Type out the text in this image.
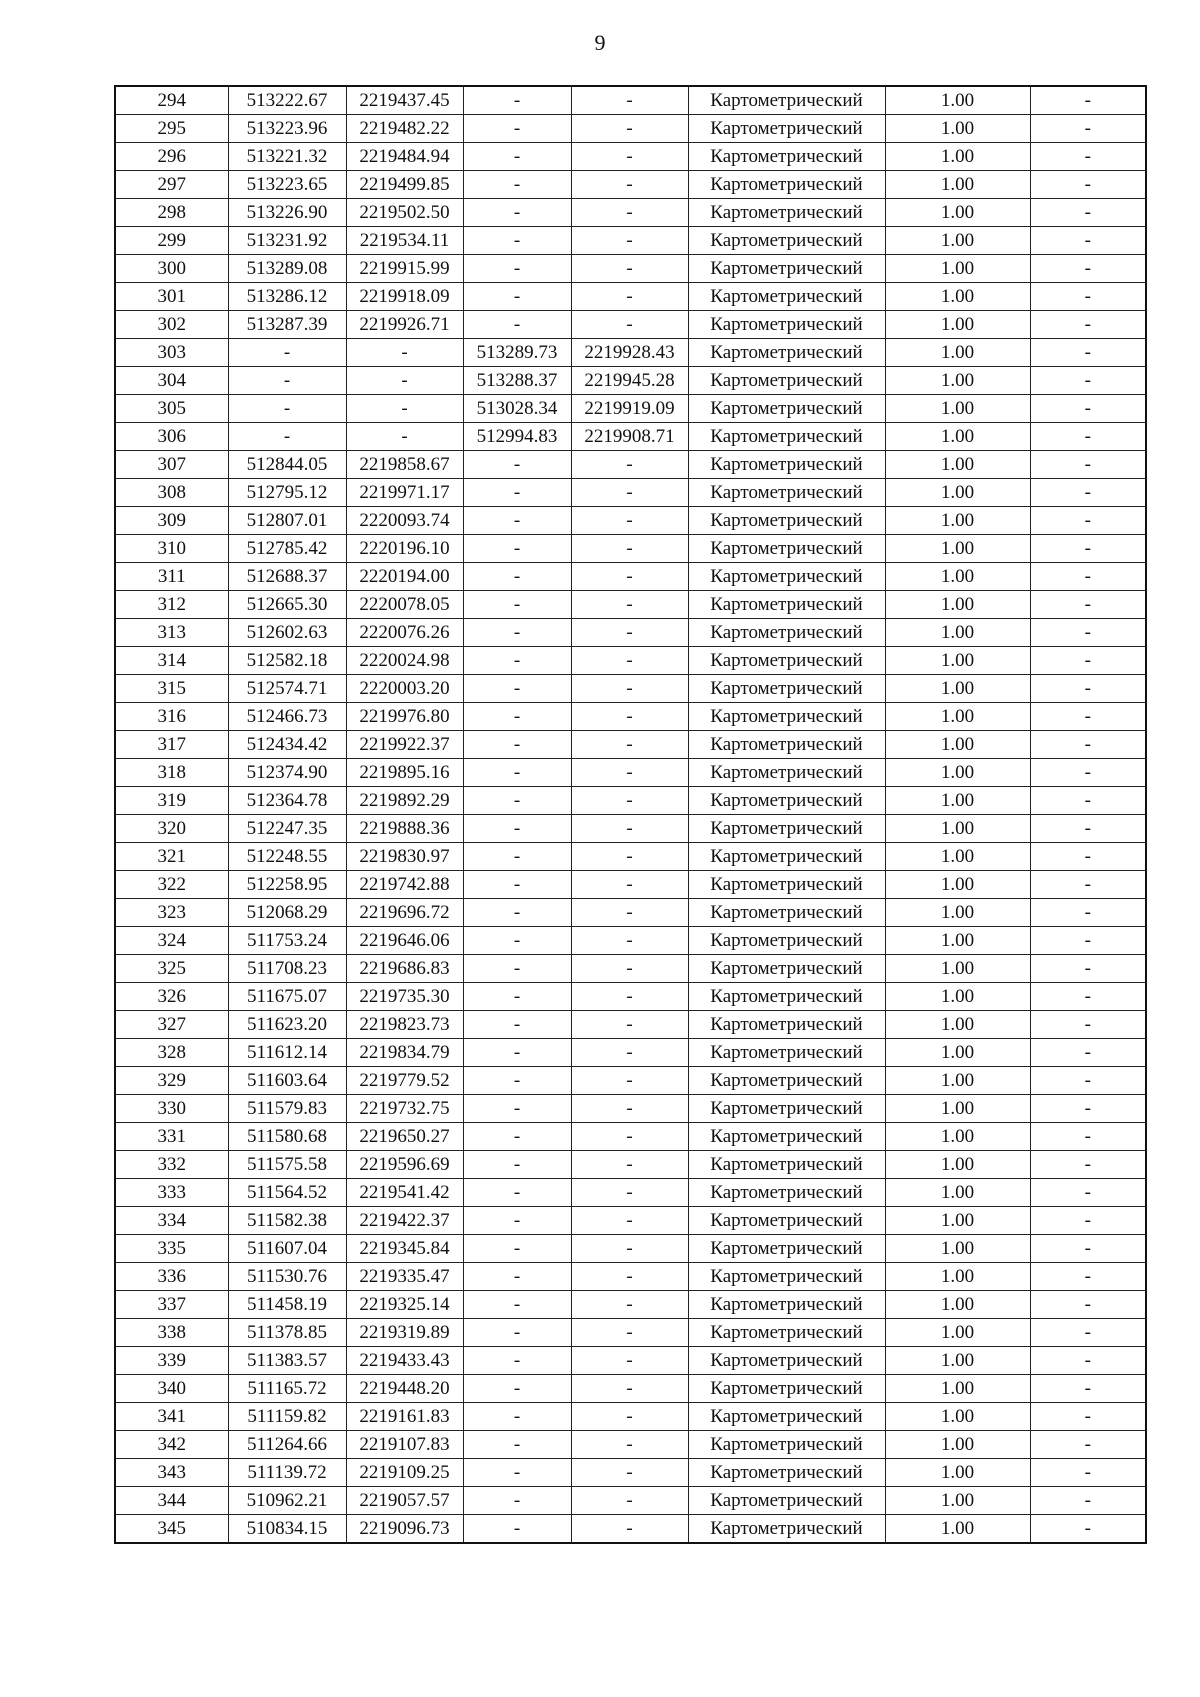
9
294	513222.67	2219437.45	-	-	Картометрический	1.00	-
295	513223.96	2219482.22	-	-	Картометрический	1.00	-
296	513221.32	2219484.94	-	-	Картометрический	1.00	-
297	513223.65	2219499.85	-	-	Картометрический	1.00	-
298	513226.90	2219502.50	-	-	Картометрический	1.00	-
299	513231.92	2219534.11	-	-	Картометрический	1.00	-
300	513289.08	2219915.99	-	-	Картометрический	1.00	-
301	513286.12	2219918.09	-	-	Картометрический	1.00	-
302	513287.39	2219926.71	-	-	Картометрический	1.00	-
303	-	-	513289.73	2219928.43	Картометрический	1.00	-
304	-	-	513288.37	2219945.28	Картометрический	1.00	-
305	-	-	513028.34	2219919.09	Картометрический	1.00	-
306	-	-	512994.83	2219908.71	Картометрический	1.00	-
307	512844.05	2219858.67	-	-	Картометрический	1.00	-
308	512795.12	2219971.17	-	-	Картометрический	1.00	-
309	512807.01	2220093.74	-	-	Картометрический	1.00	-
310	512785.42	2220196.10	-	-	Картометрический	1.00	-
311	512688.37	2220194.00	-	-	Картометрический	1.00	-
312	512665.30	2220078.05	-	-	Картометрический	1.00	-
313	512602.63	2220076.26	-	-	Картометрический	1.00	-
314	512582.18	2220024.98	-	-	Картометрический	1.00	-
315	512574.71	2220003.20	-	-	Картометрический	1.00	-
316	512466.73	2219976.80	-	-	Картометрический	1.00	-
317	512434.42	2219922.37	-	-	Картометрический	1.00	-
318	512374.90	2219895.16	-	-	Картометрический	1.00	-
319	512364.78	2219892.29	-	-	Картометрический	1.00	-
320	512247.35	2219888.36	-	-	Картометрический	1.00	-
321	512248.55	2219830.97	-	-	Картометрический	1.00	-
322	512258.95	2219742.88	-	-	Картометрический	1.00	-
323	512068.29	2219696.72	-	-	Картометрический	1.00	-
324	511753.24	2219646.06	-	-	Картометрический	1.00	-
325	511708.23	2219686.83	-	-	Картометрический	1.00	-
326	511675.07	2219735.30	-	-	Картометрический	1.00	-
327	511623.20	2219823.73	-	-	Картометрический	1.00	-
328	511612.14	2219834.79	-	-	Картометрический	1.00	-
329	511603.64	2219779.52	-	-	Картометрический	1.00	-
330	511579.83	2219732.75	-	-	Картометрический	1.00	-
331	511580.68	2219650.27	-	-	Картометрический	1.00	-
332	511575.58	2219596.69	-	-	Картометрический	1.00	-
333	511564.52	2219541.42	-	-	Картометрический	1.00	-
334	511582.38	2219422.37	-	-	Картометрический	1.00	-
335	511607.04	2219345.84	-	-	Картометрический	1.00	-
336	511530.76	2219335.47	-	-	Картометрический	1.00	-
337	511458.19	2219325.14	-	-	Картометрический	1.00	-
338	511378.85	2219319.89	-	-	Картометрический	1.00	-
339	511383.57	2219433.43	-	-	Картометрический	1.00	-
340	511165.72	2219448.20	-	-	Картометрический	1.00	-
341	511159.82	2219161.83	-	-	Картометрический	1.00	-
342	511264.66	2219107.83	-	-	Картометрический	1.00	-
343	511139.72	2219109.25	-	-	Картометрический	1.00	-
344	510962.21	2219057.57	-	-	Картометрический	1.00	-
345	510834.15	2219096.73	-	-	Картометрический	1.00	-
